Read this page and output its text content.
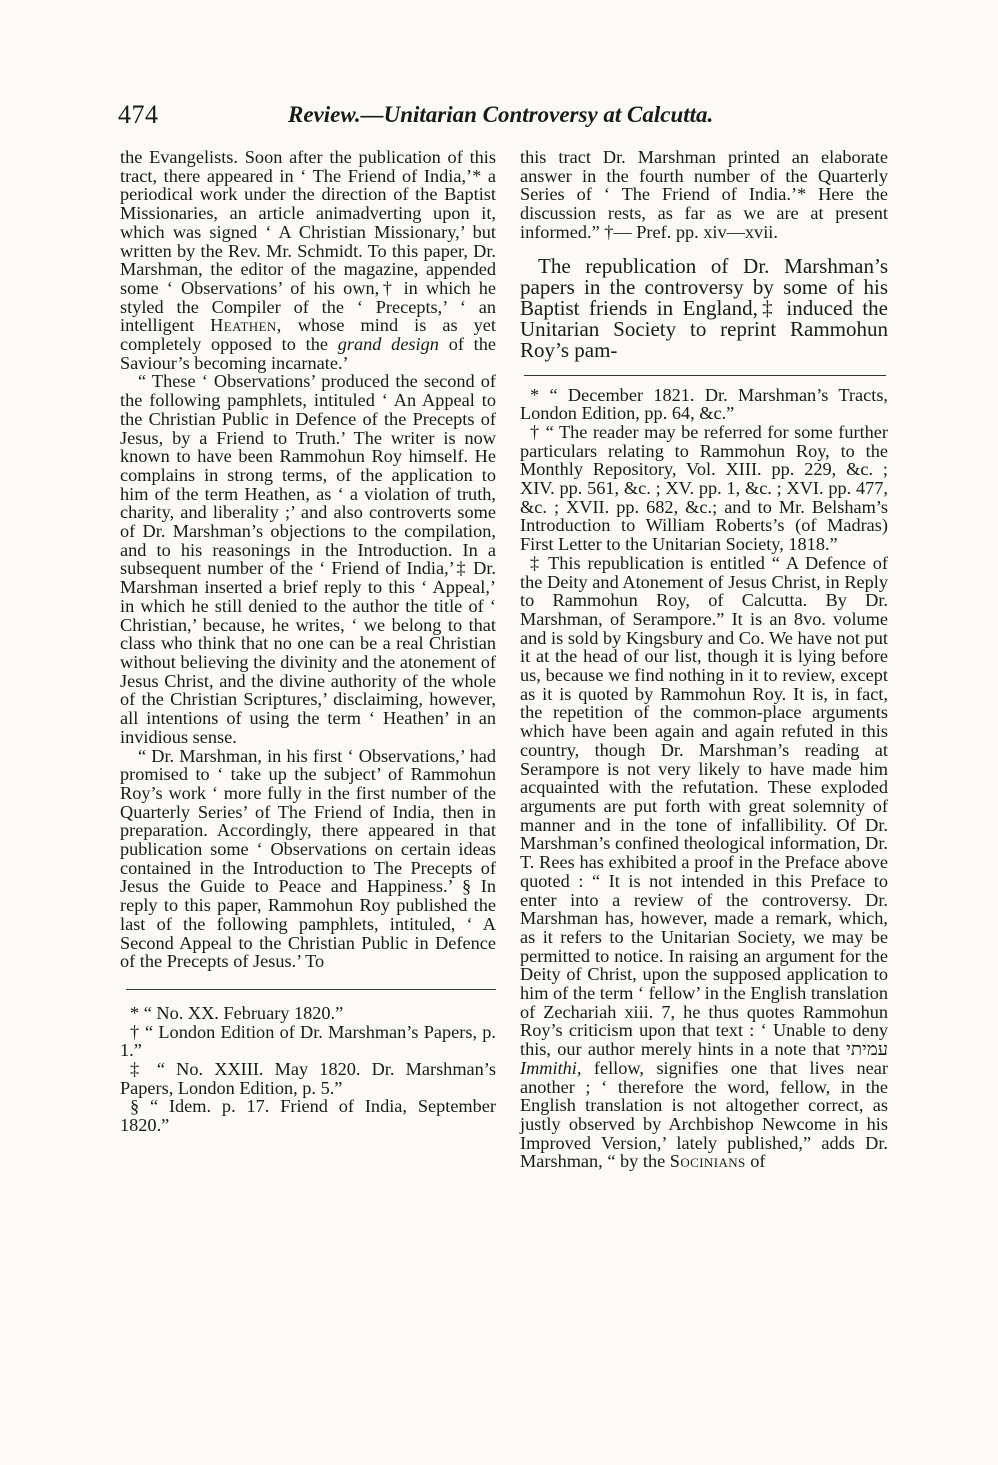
474	Review.—Unitarian Controversy at Calcutta.

the Evangelists. Soon after the publication of this tract, there appeared in ‘ The Friend of India,’* a periodical work under the direction of the Baptist Missionaries, an article animadverting upon it, which was signed ‘ A Christian Missionary,’ but written by the Rev. Mr. Schmidt. To this paper, Dr. Marshman, the editor of the magazine, appended some ‘ Observations’ of his own,† in which he styled the Compiler of the ‘ Precepts,’ ‘ an intelligent Heathen, whose mind is as yet completely opposed to the grand design of the Saviour’s becoming incarnate.’

“ These ‘ Observations’ produced the second of the following pamphlets, intituled ‘ An Appeal to the Christian Public in Defence of the Precepts of Jesus, by a Friend to Truth.’ The writer is now known to have been Rammohun Roy himself. He complains in strong terms, of the application to him of the term Heathen, as ‘ a violation of truth, charity, and liberality ;’ and also controverts some of Dr. Marshman’s objections to the compilation, and to his reasonings in the Introduction. In a subsequent number of the ‘ Friend of India,’‡ Dr. Marshman inserted a brief reply to this ‘ Appeal,’ in which he still denied to the author the title of ‘ Christian,’ because, he writes, ‘ we belong to that class who think that no one can be a real Christian without believing the divinity and the atonement of Jesus Christ, and the divine authority of the whole of the Christian Scriptures,’ disclaiming, however, all intentions of using the term ‘ Heathen’ in an invidious sense.

“ Dr. Marshman, in his first ‘ Observations,’ had promised to ‘ take up the subject’ of Rammohun Roy’s work ‘ more fully in the first number of the Quarterly Series’ of The Friend of India, then in preparation. Accordingly, there appeared in that publication some ‘ Observations on certain ideas contained in the Introduction to The Precepts of Jesus the Guide to Peace and Happiness.’ § In reply to this paper, Rammohun Roy published the last of the following pamphlets, intituled, ‘ A Second Appeal to the Christian Public in Defence of the Precepts of Jesus.’ To

* “ No. XX. February 1820.”

† “ London Edition of Dr. Marshman’s Papers, p. 1.”

‡ “ No. XXIII. May 1820. Dr. Marshman’s Papers, London Edition, p. 5.”

§ “ Idem. p. 17. Friend of India, September 1820.”

this tract Dr. Marshman printed an elaborate answer in the fourth number of the Quarterly Series of ‘ The Friend of India.’* Here the discussion rests, as far as we are at present informed.” †— Pref. pp. xiv—xvii.

The republication of Dr. Marshman’s papers in the controversy by some of his Baptist friends in England,‡ induced the Unitarian Society to reprint Rammohun Roy’s pam-

* “ December 1821. Dr. Marshman’s Tracts, London Edition, pp. 64, &c.”

† “ The reader may be referred for some further particulars relating to Rammohun Roy, to the Monthly Repository, Vol. XIII. pp. 229, &c. ; XIV. pp. 561, &c. ; XV. pp. 1, &c. ; XVI. pp. 477, &c. ; XVII. pp. 682, &c.; and to Mr. Belsham’s Introduction to William Roberts’s (of Madras) First Letter to the Unitarian Society, 1818.”

‡ This republication is entitled “ A Defence of the Deity and Atonement of Jesus Christ, in Reply to Rammohun Roy, of Calcutta. By Dr. Marshman, of Serampore.” It is an 8vo. volume and is sold by Kingsbury and Co. We have not put it at the head of our list, though it is lying before us, because we find nothing in it to review, except as it is quoted by Rammohun Roy. It is, in fact, the repetition of the common-place arguments which have been again and again refuted in this country, though Dr. Marshman’s reading at Serampore is not very likely to have made him acquainted with the refutation. These exploded arguments are put forth with great solemnity of manner and in the tone of infallibility. Of Dr. Marshman’s confined theological information, Dr. T. Rees has exhibited a proof in the Preface above quoted : “ It is not intended in this Preface to enter into a review of the controversy. Dr. Marshman has, however, made a remark, which, as it refers to the Unitarian Society, we may be permitted to notice. In raising an argument for the Deity of Christ, upon the supposed application to him of the term ‘ fellow’ in the English translation of Zechariah xiii. 7, he thus quotes Rammohun Roy’s criticism upon that text : ‘ Unable to deny this, our author merely hints in a note that עמיתי Immithi, fellow, signifies one that lives near another ; ‘ therefore the word, fellow, in the English translation is not altogether correct, as justly observed by Archbishop Newcome in his Improved Version,’ lately published,” adds Dr. Marshman, “ by the Socinians of
